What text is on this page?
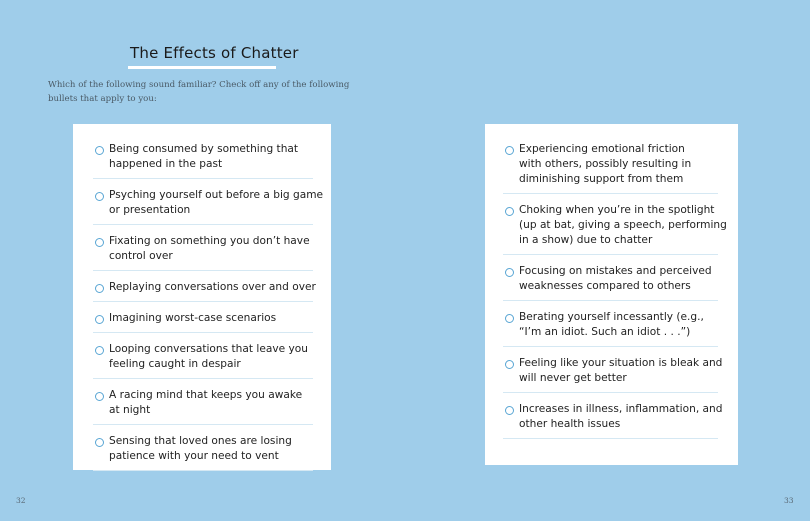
The Effects of Chatter
Which of the following sound familiar? Check off any of the following bullets that apply to you:
Being consumed by something that
happened in the past
Psyching yourself out before a big game
or presentation
Fixating on something you don’t have
control over
Replaying conversations over and over
Imagining worst-case scenarios
Looping conversations that leave you
feeling caught in despair
A racing mind that keeps you awake
at night
Sensing that loved ones are losing
patience with your need to vent
Experiencing emotional friction
with others, possibly resulting in
diminishing support from them
Choking when you’re in the spotlight
(up at bat, giving a speech, performing
in a show) due to chatter
Focusing on mistakes and perceived
weaknesses compared to others
Berating yourself incessantly (e.g.,
“I’m an idiot. Such an idiot . . .”)
Feeling like your situation is bleak and
will never get better
Increases in illness, inflammation, and
other health issues
32	33
